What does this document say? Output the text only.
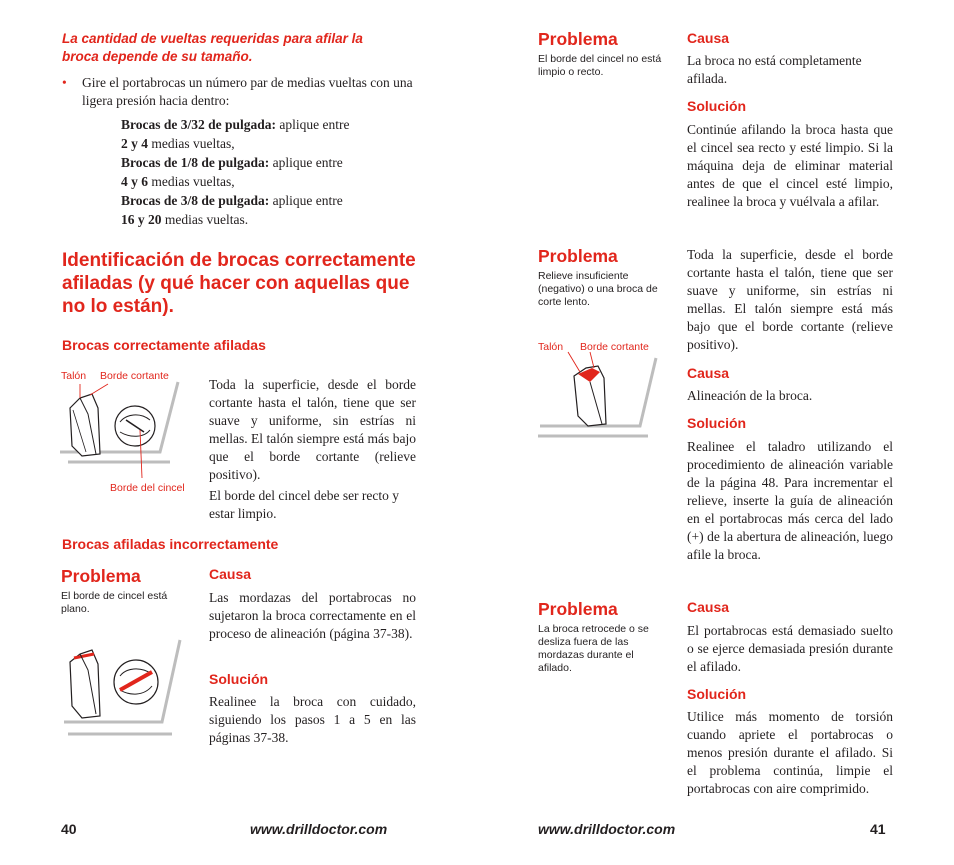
La cantidad de vueltas requeridas para afilar la broca depende de su tamaño.
• Gire el portabrocas un número par de medias vueltas con una ligera presión hacia dentro:
Brocas de 3/32 de pulgada: aplique entre
2 y 4 medias vueltas,
Brocas de 1/8 de pulgada: aplique entre
4 y 6 medias vueltas,
Brocas de 3/8 de pulgada: aplique entre
16 y 20 medias vueltas.
Identificación de brocas correctamente afiladas (y qué hacer con aquellas que no lo están).
Brocas correctamente afiladas
Talón Borde cortante
Borde del cincel
Toda la superficie, desde el borde cortante hasta el talón, tiene que ser suave y uniforme, sin estrías ni mellas. El talón siempre está más bajo que el borde cortante (relieve positivo).
El borde del cincel debe ser recto y estar limpio.
Brocas afiladas incorrectamente
Problema
El borde de cincel está plano.
Causa
Las mordazas del portabrocas no sujetaron la broca correctamente en el proceso de alineación (página 37-38).
Solución
Realinee la broca con cuidado, siguiendo los pasos 1 a 5 en las páginas 37-38.
40	www.drilldoctor.com
Problema
El borde del cincel no está limpio o recto.
Causa
La broca no está completamente afilada.
Solución
Continúe afilando la broca hasta que el cincel sea recto y esté limpio. Si la máquina deja de eliminar material antes de que el cincel esté limpio, realinee la broca y vuélvala a afilar.
Problema
Relieve insuficiente (negativo) o una broca de corte lento.
Talón Borde cortante
Toda la superficie, desde el borde cortante hasta el talón, tiene que ser suave y uniforme, sin estrías ni mellas. El talón siempre está más bajo que el borde cortante (relieve positivo).
Causa
Alineación de la broca.
Solución
Realinee el taladro utilizando el procedimiento de alineación variable de la página 48. Para incrementar el relieve, inserte la guía de alineación en el portabrocas más cerca del lado (+) de la abertura de alineación, luego afile la broca.
Problema
La broca retrocede o se desliza fuera de las mordazas durante el afilado.
Causa
El portabrocas está demasiado suelto o se ejerce demasiada presión durante el afilado.
Solución
Utilice más momento de torsión cuando apriete el portabrocas o menos presión durante el afilado. Si el problema continúa, limpie el portabrocas con aire comprimido.
www.drilldoctor.com	41
